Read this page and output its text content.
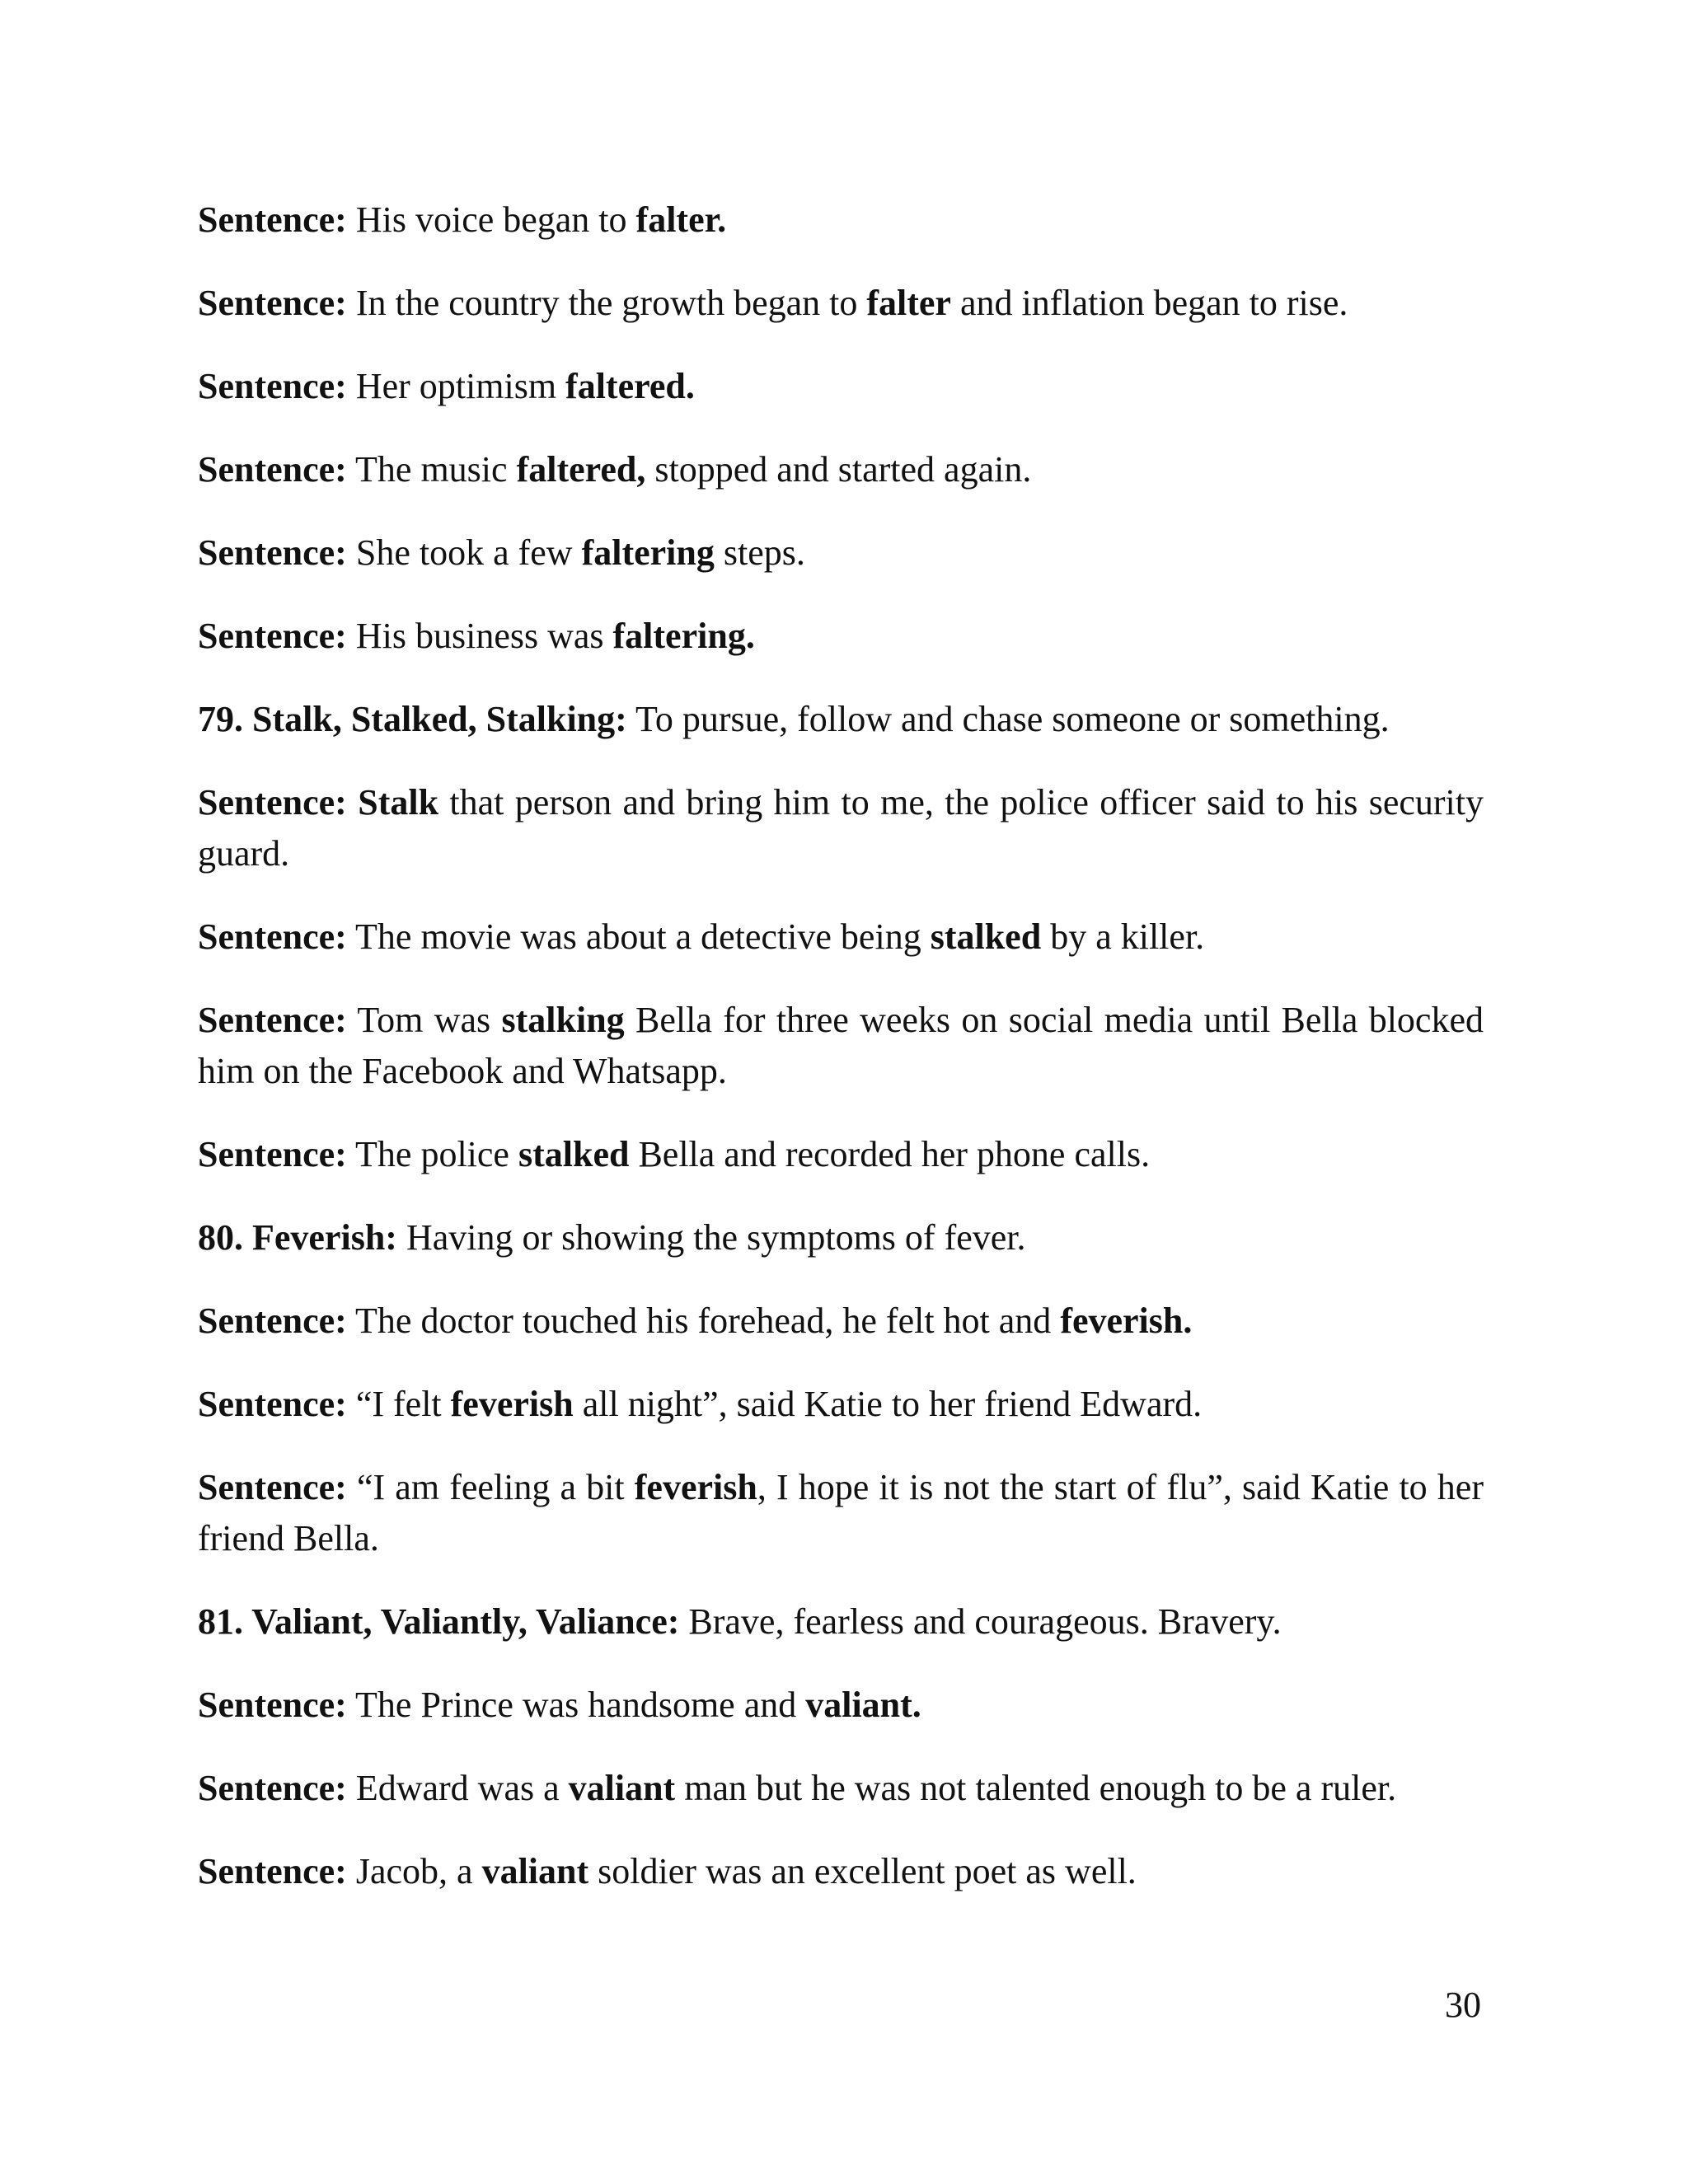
Sentence: His voice began to falter.

Sentence: In the country the growth began to falter and inflation began to rise.

Sentence: Her optimism faltered.

Sentence: The music faltered, stopped and started again.

Sentence: She took a few faltering steps.

Sentence: His business was faltering.

79. Stalk, Stalked, Stalking: To pursue, follow and chase someone or something.

Sentence: Stalk that person and bring him to me, the police officer said to his security guard.

Sentence: The movie was about a detective being stalked by a killer.

Sentence: Tom was stalking Bella for three weeks on social media until Bella blocked him on the Facebook and Whatsapp.

Sentence: The police stalked Bella and recorded her phone calls.

80. Feverish: Having or showing the symptoms of fever.

Sentence: The doctor touched his forehead, he felt hot and feverish.

Sentence: “I felt feverish all night”, said Katie to her friend Edward.

Sentence: “I am feeling a bit feverish, I hope it is not the start of flu”, said Katie to her friend Bella.

81. Valiant, Valiantly, Valiance: Brave, fearless and courageous. Bravery.

Sentence: The Prince was handsome and valiant.

Sentence: Edward was a valiant man but he was not talented enough to be a ruler.

Sentence: Jacob, a valiant soldier was an excellent poet as well.

30
